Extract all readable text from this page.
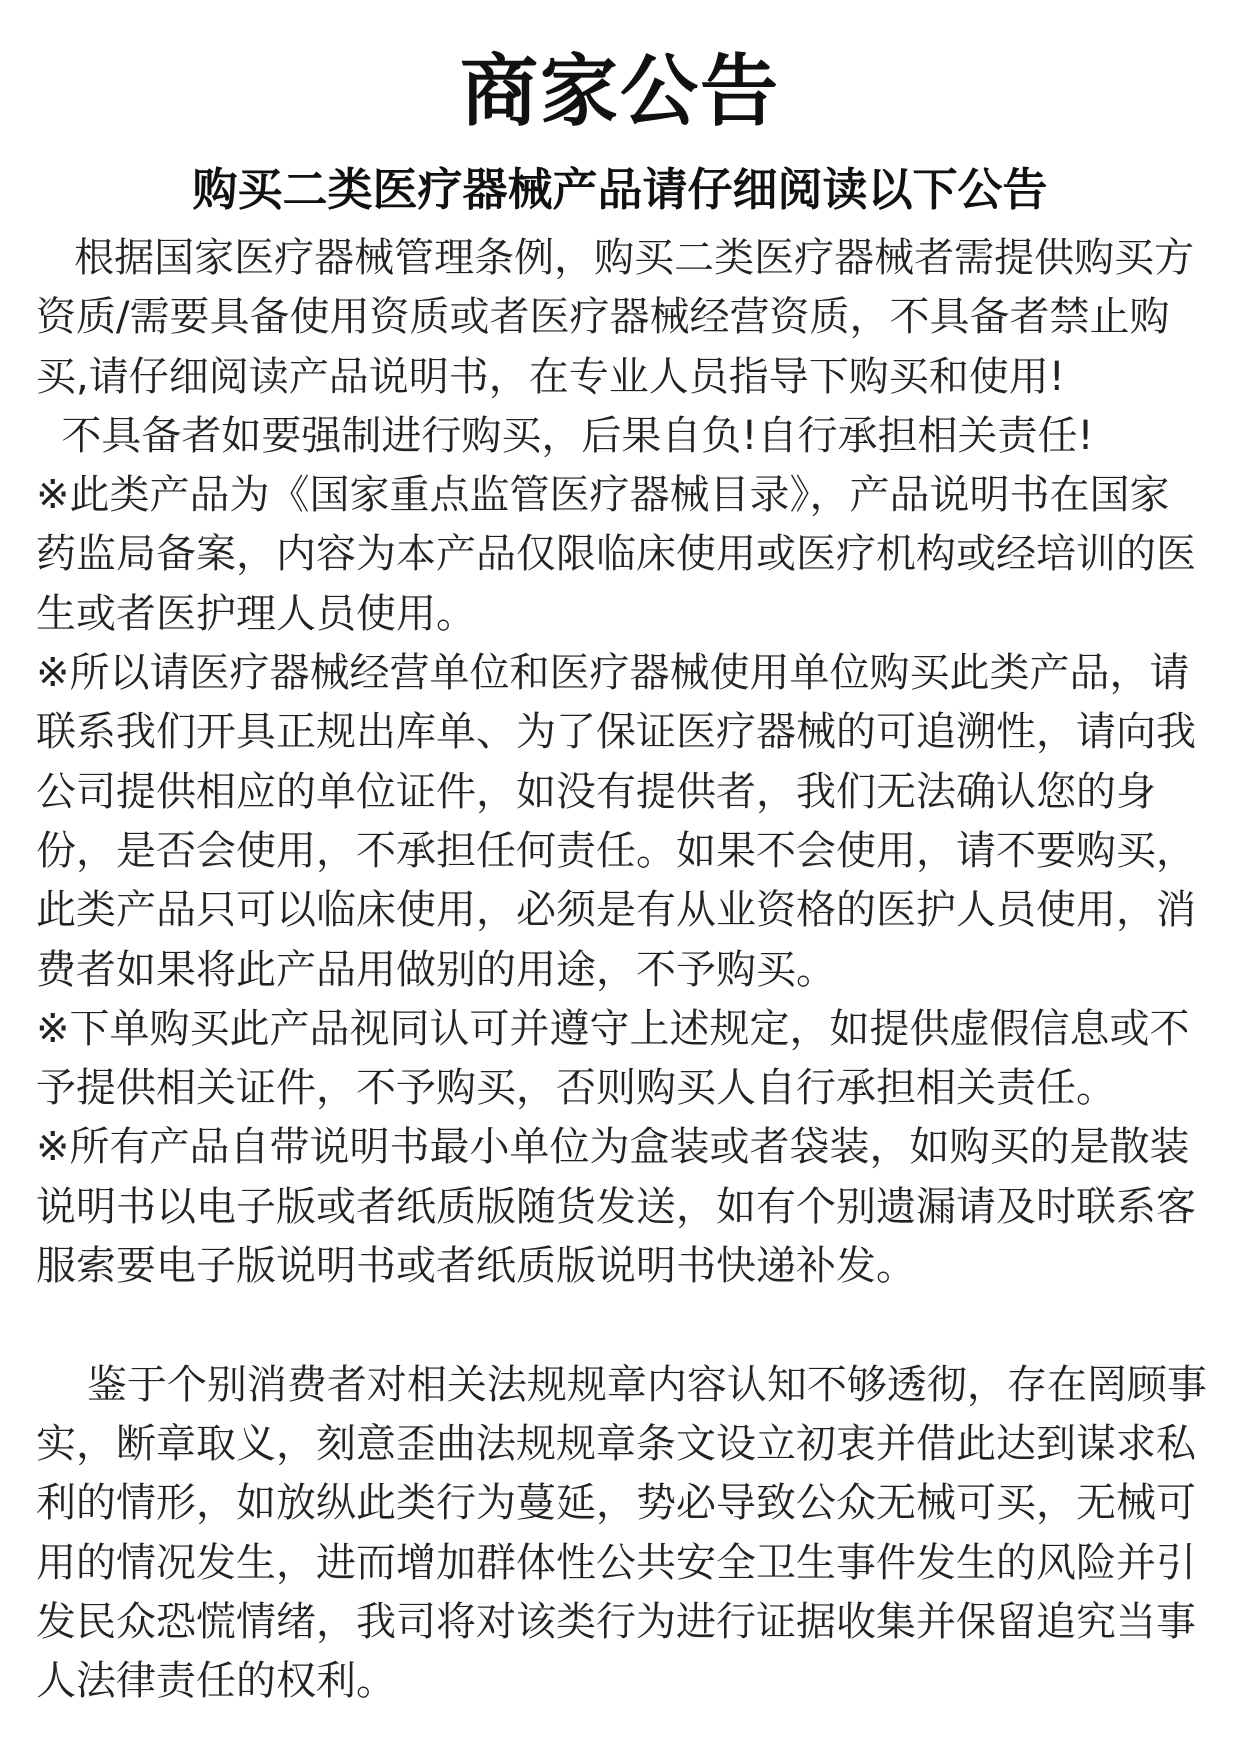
商家公告
购买二类医疗器械产品请仔细阅读以下公告
根据国家医疗器械管理条例，购买二类医疗器械者需提供购买方
资质/需要具备使用资质或者医疗器械经营资质，不具备者禁止购
买,请仔细阅读产品说明书，在专业人员指导下购买和使用!
不具备者如要强制进行购买，后果自负!自行承担相关责任!
※此类产品为《国家重点监管医疗器械目录》，产品说明书在国家
药监局备案，内容为本产品仅限临床使用或医疗机构或经培训的医
生或者医护理人员使用。
※所以请医疗器械经营单位和医疗器械使用单位购买此类产品，请
联系我们开具正规出库单、为了保证医疗器械的可追溯性，请向我
公司提供相应的单位证件，如没有提供者，我们无法确认您的身
份，是否会使用，不承担任何责任。如果不会使用，请不要购买，
此类产品只可以临床使用，必须是有从业资格的医护人员使用，消
费者如果将此产品用做别的用途，不予购买。
※下单购买此产品视同认可并遵守上述规定，如提供虚假信息或不
予提供相关证件，不予购买，否则购买人自行承担相关责任。
※所有产品自带说明书最小单位为盒装或者袋装，如购买的是散装
说明书以电子版或者纸质版随货发送，如有个别遗漏请及时联系客
服索要电子版说明书或者纸质版说明书快递补发。
鉴于个别消费者对相关法规规章内容认知不够透彻，存在罔顾事
实，断章取义，刻意歪曲法规规章条文设立初衷并借此达到谋求私
利的情形，如放纵此类行为蔓延，势必导致公众无械可买，无械可
用的情况发生，进而增加群体性公共安全卫生事件发生的风险并引
发民众恐慌情绪，我司将对该类行为进行证据收集并保留追究当事
人法律责任的权利。
